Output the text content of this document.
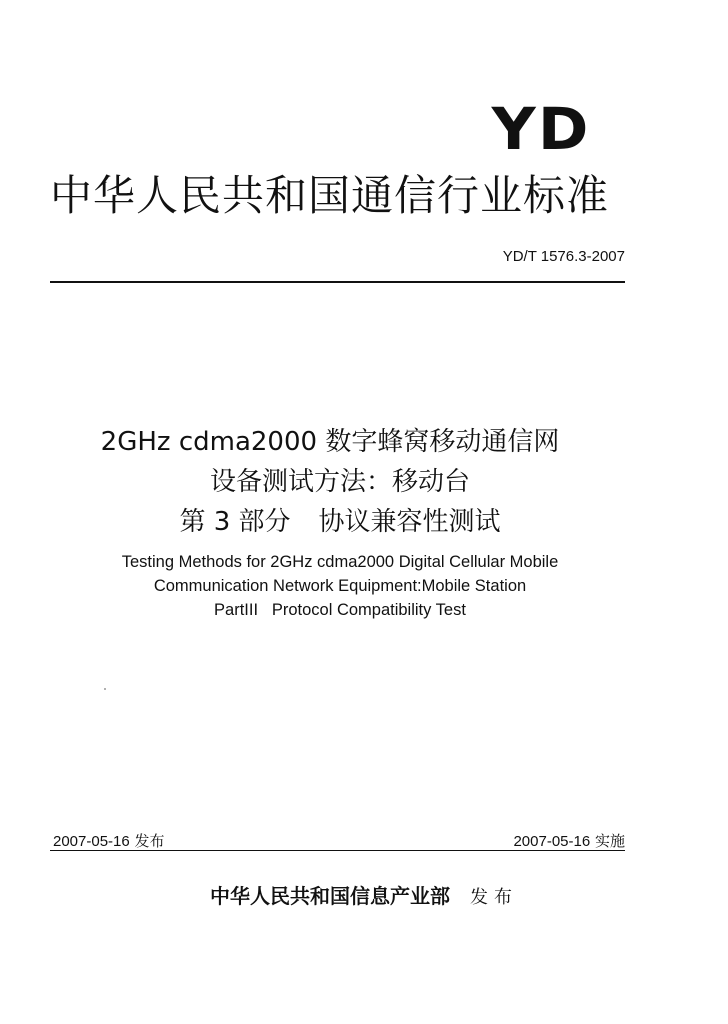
YD
中华人民共和国通信行业标准
YD/T 1576.3-2007
2GHz cdma2000 数字蜂窝移动通信网
设备测试方法：移动台
第 3 部分 协议兼容性测试
Testing Methods for 2GHz cdma2000 Digital Cellular Mobile
Communication Network Equipment:Mobile Station
PartIII Protocol Compatibility Test
2007-05-16 发布	2007-05-16 实施
中华人民共和国信息产业部 发布
